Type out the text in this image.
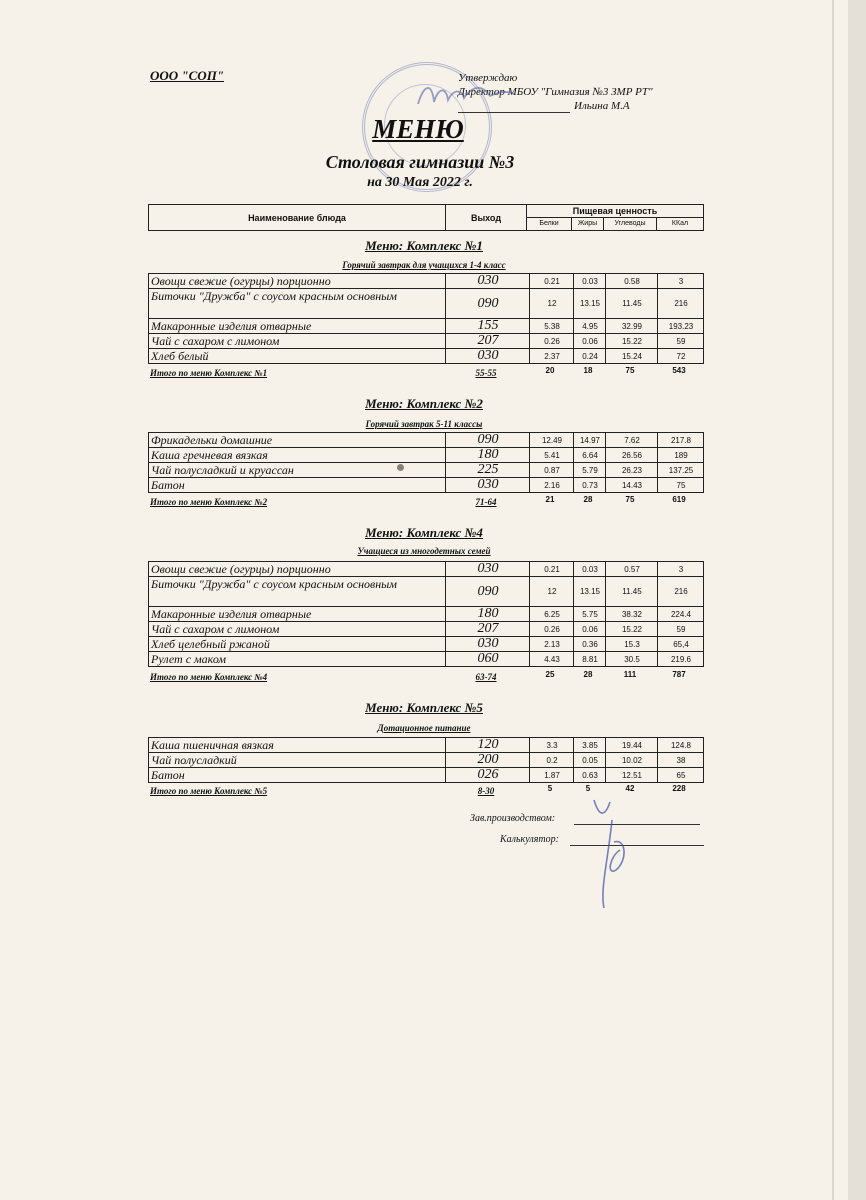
ООО "СОП"	Утверждаю
Директор МБОУ "Гимназия №3 ЗМР РТ"
Ильина М.А
МЕНЮ
Столовая гимназии №3
на 30 Мая 2022 г.
Наименование блюда	Выход
Пищевая ценность
Белки	Жиры	Углеводы	ККал
Меню: Комплекс №1
Горячий завтрак для учащихся 1-4 класс
Овощи свежие (огурцы) порционно	030	0.21	0.03	0.58	3
Биточки "Дружба" с соусом красным основным	090	12	13.15	11.45	216
Макаронные изделия отварные	155	5.38	4.95	32.99	193.23
Чай с сахаром с лимоном	207	0.26	0.06	15.22	59
Хлеб белый	030	2.37	0.24	15.24	72
Итого по меню Комплекс №1	55-55	20	18	75	543
Меню: Комплекс №2
Горячий завтрак 5-11 классы
Фрикадельки домашние	090	12.49	14.97	7.62	217.8
Каша гречневая вязкая	180	5.41	6.64	26.56	189
Чай полусладкий и круассан	225	0.87	5.79	26.23	137.25
Батон	030	2.16	0.73	14.43	75
Итого по меню Комплекс №2	71-64	21	28	75	619
Меню: Комплекс №4
Учащиеся из многодетных семей
Овощи свежие (огурцы) порционно	030	0.21	0.03	0.57	3
Биточки "Дружба" с соусом красным основным	090	12	13.15	11.45	216
Макаронные изделия отварные	180	6.25	5.75	38.32	224.4
Чай с сахаром с лимоном	207	0.26	0.06	15.22	59
Хлеб целебный ржаной	030	2.13	0.36	15.3	65,4
Рулет с маком	060	4.43	8.81	30.5	219.6
Итого по меню Комплекс №4	63-74	25	28	111	787
Меню: Комплекс №5
Дотационное питание
Каша пшеничная вязкая	120	3.3	3.85	19.44	124.8
Чай полусладкий	200	0.2	0.05	10.02	38
Батон	026	1.87	0.63	12.51	65
Итого по меню Комплекс №5	8-30	5	5	42	228
Зав.производством:
Калькулятор:
